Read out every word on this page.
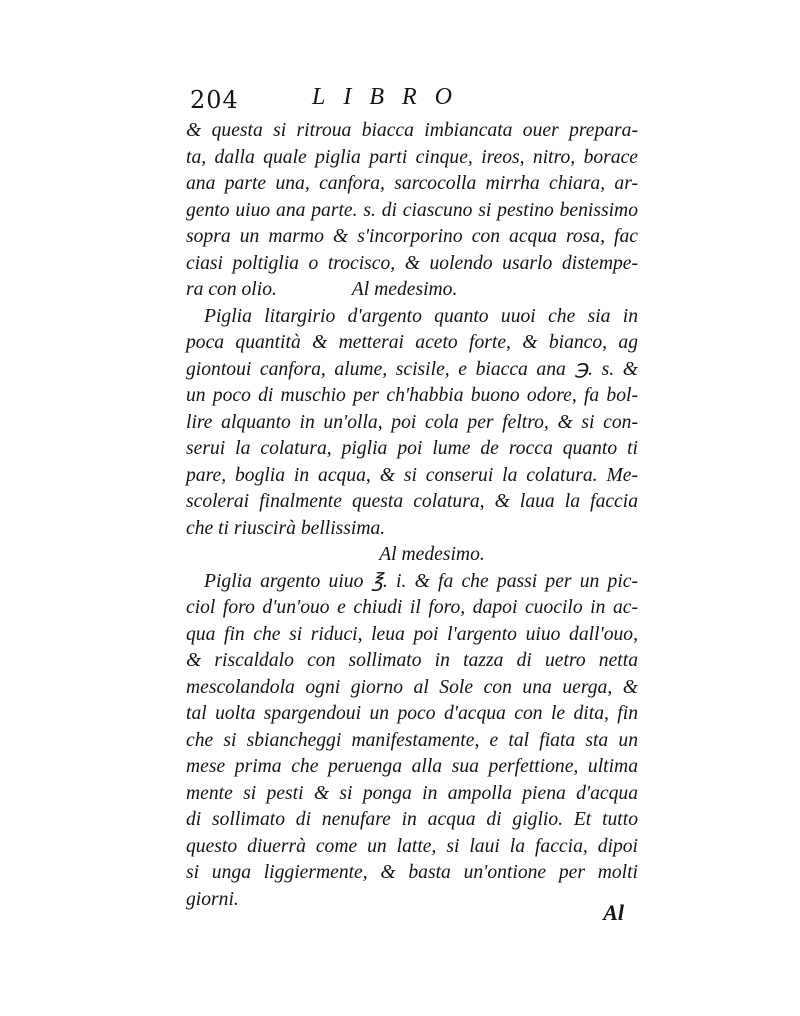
204	LIBRO
& questa si ritroua biacca imbiancata ouer prepara-
ta, dalla quale piglia parti cinque, ireos, nitro, borace
ana parte una, canfora, sarcocolla mirrha chiara, ar-
gento uiuo ana parte. s. di ciascuno si pestino benissimo
sopra un marmo & s'incorporino con acqua rosa, fac
ciasi poltiglia o trocisco, & uolendo usarlo distempe-
ra con olio.	Al medesimo.
Piglia litargirio d'argento quanto uuoi che sia in
poca quantità & metterai aceto forte, & bianco, ag
giontoui canfora, alume, scisile, e biacca ana ℈. s. &
un poco di muschio per ch'habbia buono odore, fa bol-
lire alquanto in un'olla, poi cola per feltro, & si con-
serui la colatura, piglia poi lume de rocca quanto ti
pare, boglia in acqua, & si conserui la colatura. Me-
scolerai finalmente questa colatura, & laua la faccia
che ti riuscirà bellissima.
Al medesimo.
Piglia argento uiuo ℥. i. & fa che passi per un pic-
ciol foro d'un'ouo e chiudi il foro, dapoi cuocilo in ac-
qua fin che si riduci, leua poi l'argento uiuo dall'ouo,
& riscaldalo con sollimato in tazza di uetro netta
mescolandola ogni giorno al Sole con una uerga, &
tal uolta spargendoui un poco d'acqua con le dita, fin
che si sbiancheggi manifestamente, e tal fiata sta un
mese prima che peruenga alla sua perfettione, ultima
mente si pesti & si ponga in ampolla piena d'acqua
di sollimato di nenufare in acqua di giglio. Et tutto
questo diuerrà come un latte, si laui la faccia, dipoi
si unga liggiermente, & basta un'ontione per molti
giorni.
Al
